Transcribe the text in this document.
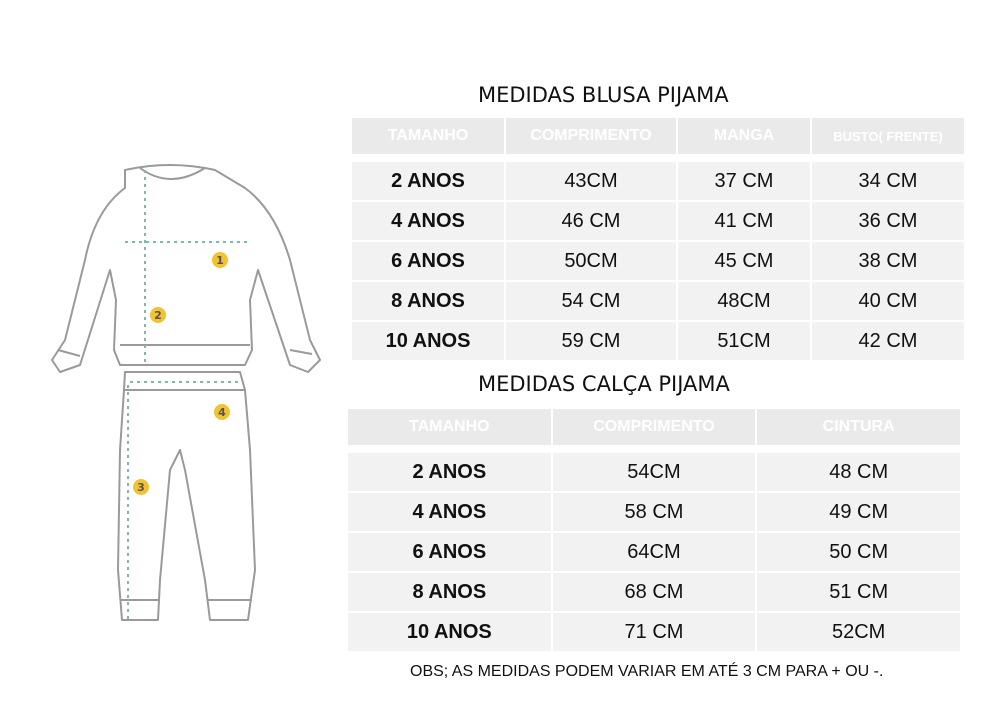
1
2
3
4
MEDIDAS BLUSA PIJAMA
TAMANHO	COMPRIMENTO	MANGA	BUSTO( FRENTE)

2 ANOS	43CM	37 CM	34 CM
4 ANOS	46 CM	41 CM	36 CM
6 ANOS	50CM	45 CM	38 CM
8 ANOS	54 CM	48CM	40 CM
10 ANOS	59 CM	51CM	42 CM
MEDIDAS CALÇA PIJAMA
TAMANHO	COMPRIMENTO	CINTURA

2 ANOS	54CM	48 CM
4 ANOS	58 CM	49 CM
6 ANOS	64CM	50 CM
8 ANOS	68 CM	51 CM
10 ANOS	71 CM	52CM
OBS; AS MEDIDAS PODEM VARIAR EM ATÉ 3 CM PARA + OU -.
